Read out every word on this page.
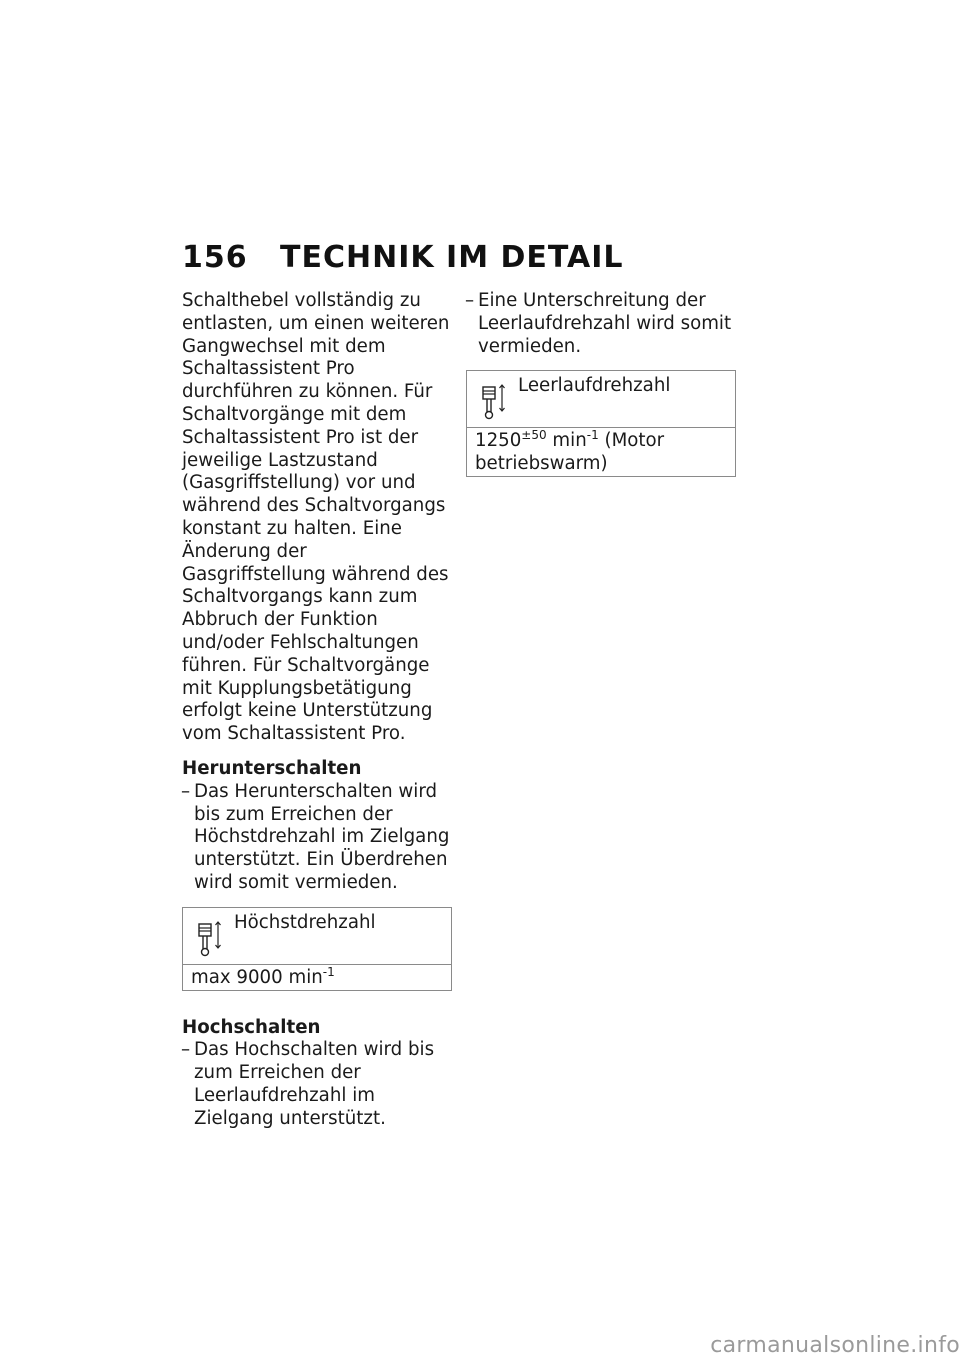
156 TECHNIK IM DETAIL

Schalthebel vollständig zu entlasten, um einen weiteren Gangwechsel mit dem Schaltassistent Pro durchführen zu können. Für Schaltvorgänge mit dem Schaltassistent Pro ist der jeweilige Lastzustand (Gasgriffstellung) vor und während des Schaltvorgangs konstant zu halten. Eine Änderung der Gasgriffstellung während des Schaltvorgangs kann zum Abbruch der Funktion und/oder Fehlschaltungen führen. Für Schaltvorgänge mit Kupplungsbetätigung erfolgt keine Unterstützung vom Schaltassistent Pro.

Herunterschalten
– Das Herunterschalten wird bis zum Erreichen der Höchstdrehzahl im Zielgang unterstützt. Ein Überdrehen wird somit vermieden.
Höchstdrehzahl
max 9000 $\min^{-1}$
Hochschalten
– Das Hochschalten wird bis zum Erreichen der Leerlaufdrehzahl im Zielgang unterstützt.
– Eine Unterschreitung der Leerlaufdrehzahl wird somit vermieden.
Leerlaufdrehzahl
$1250^{\pm 50}$ $\min^{-1}$ (Motor betriebswarm)
carmanualsonline.info
